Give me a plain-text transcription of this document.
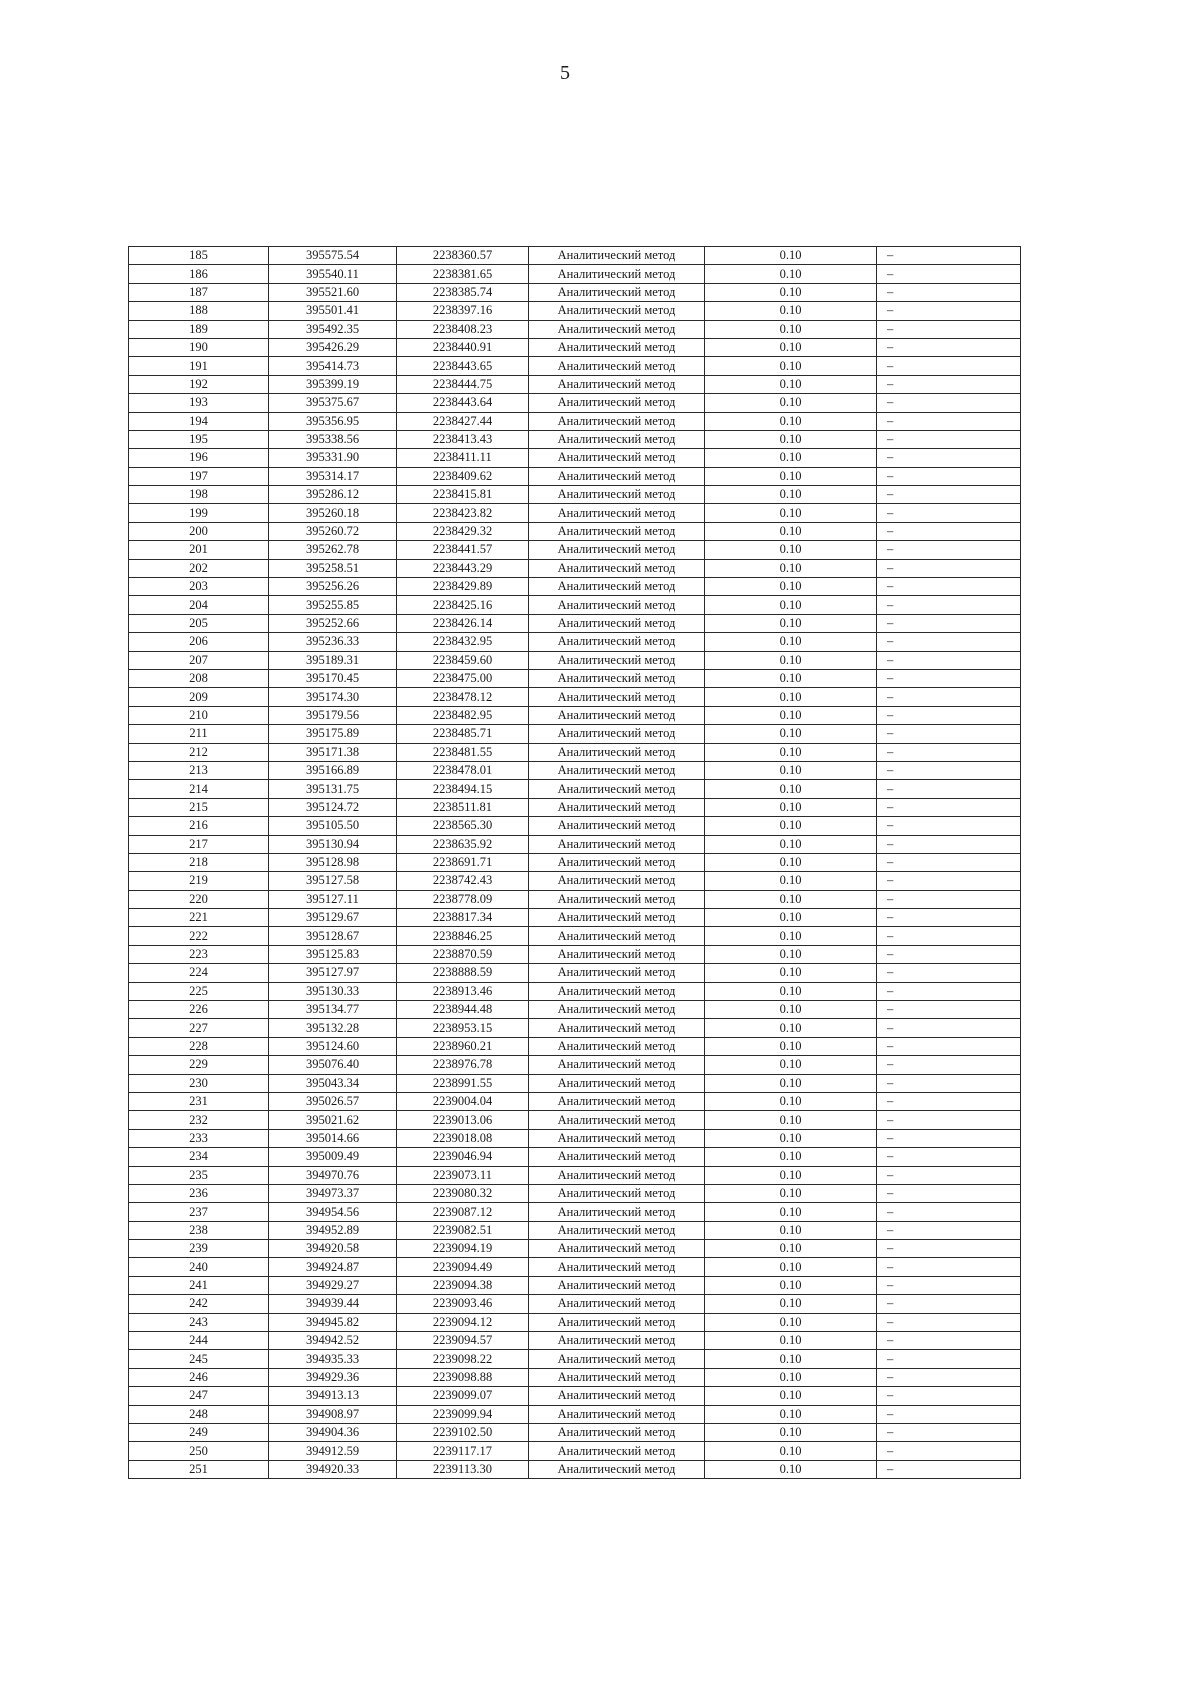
5
185	395575.54	2238360.57	Аналитический метод	0.10	–
186	395540.11	2238381.65	Аналитический метод	0.10	–
187	395521.60	2238385.74	Аналитический метод	0.10	–
188	395501.41	2238397.16	Аналитический метод	0.10	–
189	395492.35	2238408.23	Аналитический метод	0.10	–
190	395426.29	2238440.91	Аналитический метод	0.10	–
191	395414.73	2238443.65	Аналитический метод	0.10	–
192	395399.19	2238444.75	Аналитический метод	0.10	–
193	395375.67	2238443.64	Аналитический метод	0.10	–
194	395356.95	2238427.44	Аналитический метод	0.10	–
195	395338.56	2238413.43	Аналитический метод	0.10	–
196	395331.90	2238411.11	Аналитический метод	0.10	–
197	395314.17	2238409.62	Аналитический метод	0.10	–
198	395286.12	2238415.81	Аналитический метод	0.10	–
199	395260.18	2238423.82	Аналитический метод	0.10	–
200	395260.72	2238429.32	Аналитический метод	0.10	–
201	395262.78	2238441.57	Аналитический метод	0.10	–
202	395258.51	2238443.29	Аналитический метод	0.10	–
203	395256.26	2238429.89	Аналитический метод	0.10	–
204	395255.85	2238425.16	Аналитический метод	0.10	–
205	395252.66	2238426.14	Аналитический метод	0.10	–
206	395236.33	2238432.95	Аналитический метод	0.10	–
207	395189.31	2238459.60	Аналитический метод	0.10	–
208	395170.45	2238475.00	Аналитический метод	0.10	–
209	395174.30	2238478.12	Аналитический метод	0.10	–
210	395179.56	2238482.95	Аналитический метод	0.10	–
211	395175.89	2238485.71	Аналитический метод	0.10	–
212	395171.38	2238481.55	Аналитический метод	0.10	–
213	395166.89	2238478.01	Аналитический метод	0.10	–
214	395131.75	2238494.15	Аналитический метод	0.10	–
215	395124.72	2238511.81	Аналитический метод	0.10	–
216	395105.50	2238565.30	Аналитический метод	0.10	–
217	395130.94	2238635.92	Аналитический метод	0.10	–
218	395128.98	2238691.71	Аналитический метод	0.10	–
219	395127.58	2238742.43	Аналитический метод	0.10	–
220	395127.11	2238778.09	Аналитический метод	0.10	–
221	395129.67	2238817.34	Аналитический метод	0.10	–
222	395128.67	2238846.25	Аналитический метод	0.10	–
223	395125.83	2238870.59	Аналитический метод	0.10	–
224	395127.97	2238888.59	Аналитический метод	0.10	–
225	395130.33	2238913.46	Аналитический метод	0.10	–
226	395134.77	2238944.48	Аналитический метод	0.10	–
227	395132.28	2238953.15	Аналитический метод	0.10	–
228	395124.60	2238960.21	Аналитический метод	0.10	–
229	395076.40	2238976.78	Аналитический метод	0.10	–
230	395043.34	2238991.55	Аналитический метод	0.10	–
231	395026.57	2239004.04	Аналитический метод	0.10	–
232	395021.62	2239013.06	Аналитический метод	0.10	–
233	395014.66	2239018.08	Аналитический метод	0.10	–
234	395009.49	2239046.94	Аналитический метод	0.10	–
235	394970.76	2239073.11	Аналитический метод	0.10	–
236	394973.37	2239080.32	Аналитический метод	0.10	–
237	394954.56	2239087.12	Аналитический метод	0.10	–
238	394952.89	2239082.51	Аналитический метод	0.10	–
239	394920.58	2239094.19	Аналитический метод	0.10	–
240	394924.87	2239094.49	Аналитический метод	0.10	–
241	394929.27	2239094.38	Аналитический метод	0.10	–
242	394939.44	2239093.46	Аналитический метод	0.10	–
243	394945.82	2239094.12	Аналитический метод	0.10	–
244	394942.52	2239094.57	Аналитический метод	0.10	–
245	394935.33	2239098.22	Аналитический метод	0.10	–
246	394929.36	2239098.88	Аналитический метод	0.10	–
247	394913.13	2239099.07	Аналитический метод	0.10	–
248	394908.97	2239099.94	Аналитический метод	0.10	–
249	394904.36	2239102.50	Аналитический метод	0.10	–
250	394912.59	2239117.17	Аналитический метод	0.10	–
251	394920.33	2239113.30	Аналитический метод	0.10	–
